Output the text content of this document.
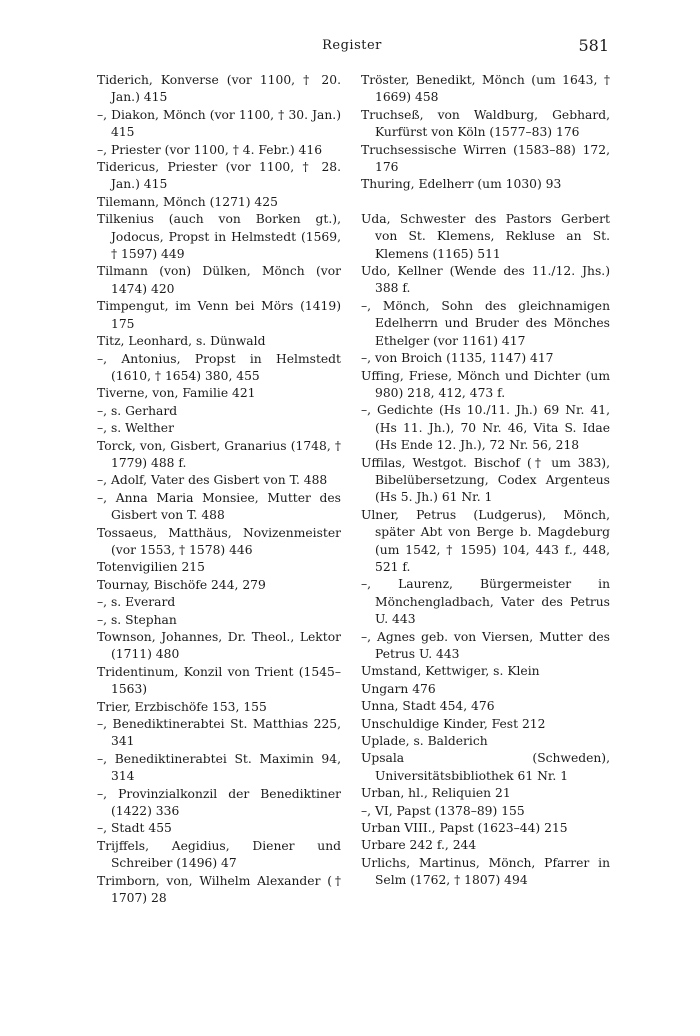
Register	581
Tiderich, Konverse (vor 1100, † 20. Jan.) 415
–, Diakon, Mönch (vor 1100, † 30. Jan.) 415
–, Priester (vor 1100, † 4. Febr.) 416
Tidericus, Priester (vor 1100, † 28. Jan.) 415
Tilemann, Mönch (1271) 425
Tilkenius (auch von Borken gt.), Jodocus, Propst in Helmstedt (1569, † 1597) 449
Tilmann (von) Dülken, Mönch (vor 1474) 420
Timpengut, im Venn bei Mörs (1419) 175
Titz, Leonhard, s. Dünwald
–, Antonius, Propst in Helmstedt (1610, † 1654) 380, 455
Tiverne, von, Familie 421
–, s. Gerhard
–, s. Welther
Torck, von, Gisbert, Granarius (1748, † 1779) 488 f.
–, Adolf, Vater des Gisbert von T. 488
–, Anna Maria Monsiee, Mutter des Gisbert von T. 488
Tossaeus, Matthäus, Novizenmeister (vor 1553, † 1578) 446
Totenvigilien 215
Tournay, Bischöfe 244, 279
–, s. Everard
–, s. Stephan
Townson, Johannes, Dr. Theol., Lektor (1711) 480
Tridentinum, Konzil von Trient (1545–1563)
Trier, Erzbischöfe 153, 155
–, Benediktinerabtei St. Matthias 225, 341
–, Benediktinerabtei St. Maximin 94, 314
–, Provinzialkonzil der Benediktiner (1422) 336
–, Stadt 455
Trijffels, Aegidius, Diener und Schreiber (1496) 47
Trimborn, von, Wilhelm Alexander († 1707) 28
Tröster, Benedikt, Mönch (um 1643, † 1669) 458
Truchseß, von Waldburg, Gebhard, Kurfürst von Köln (1577–83) 176
Truchsessische Wirren (1583–88) 172, 176
Thuring, Edelherr (um 1030) 93
Uda, Schwester des Pastors Gerbert von St. Klemens, Rekluse an St. Klemens (1165) 511
Udo, Kellner (Wende des 11./12. Jhs.) 388 f.
–, Mönch, Sohn des gleichnamigen Edelherrn und Bruder des Mönches Ethelger (vor 1161) 417
–, von Broich (1135, 1147) 417
Uffing, Friese, Mönch und Dichter (um 980) 218, 412, 473 f.
–, Gedichte (Hs 10./11. Jh.) 69 Nr. 41, (Hs 11. Jh.), 70 Nr. 46, Vita S. Idae (Hs Ende 12. Jh.), 72 Nr. 56, 218
Uffilas, Westgot. Bischof († um 383), Bibelübersetzung, Codex Argenteus (Hs 5. Jh.) 61 Nr. 1
Ulner, Petrus (Ludgerus), Mönch, später Abt von Berge b. Magdeburg (um 1542, † 1595) 104, 443 f., 448, 521 f.
–, Laurenz, Bürgermeister in Mönchengladbach, Vater des Petrus U. 443
–, Agnes geb. von Viersen, Mutter des Petrus U. 443
Umstand, Kettwiger, s. Klein
Ungarn 476
Unna, Stadt 454, 476
Unschuldige Kinder, Fest 212
Uplade, s. Balderich
Upsala (Schweden), Universitätsbibliothek 61 Nr. 1
Urban, hl., Reliquien 21
–, VI, Papst (1378–89) 155
Urban VIII., Papst (1623–44) 215
Urbare 242 f., 244
Urlichs, Martinus, Mönch, Pfarrer in Selm (1762, † 1807) 494
